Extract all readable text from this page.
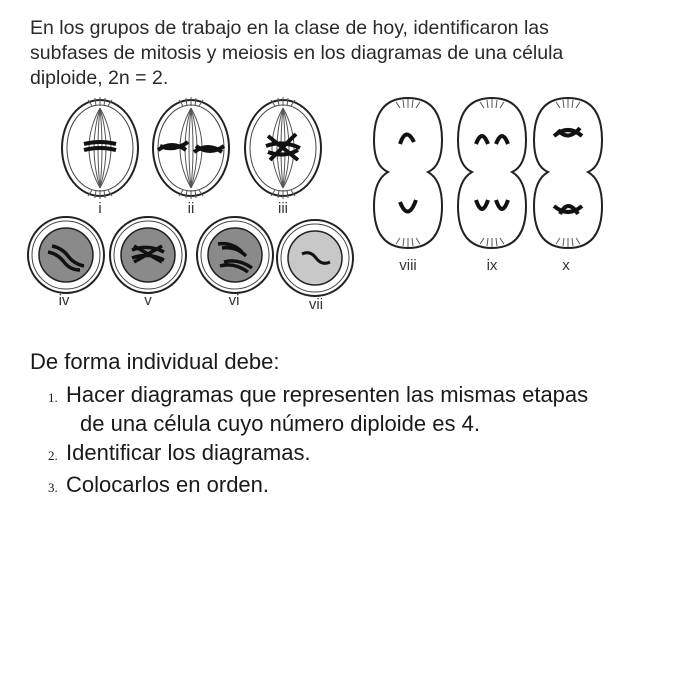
En los grupos de trabajo en la clase de hoy, identificaron las
subfases de mitosis y meiosis en los diagramas de una célula
diploide, 2n = 2.
i	ii	iii
iv	v	vi	vii
viii	ix	x
De forma individual debe:
1. Hacer diagramas que representen las mismas etapas
de una célula cuyo número diploide es 4.
2. Identificar los diagramas.
3. Colocarlos en orden.
